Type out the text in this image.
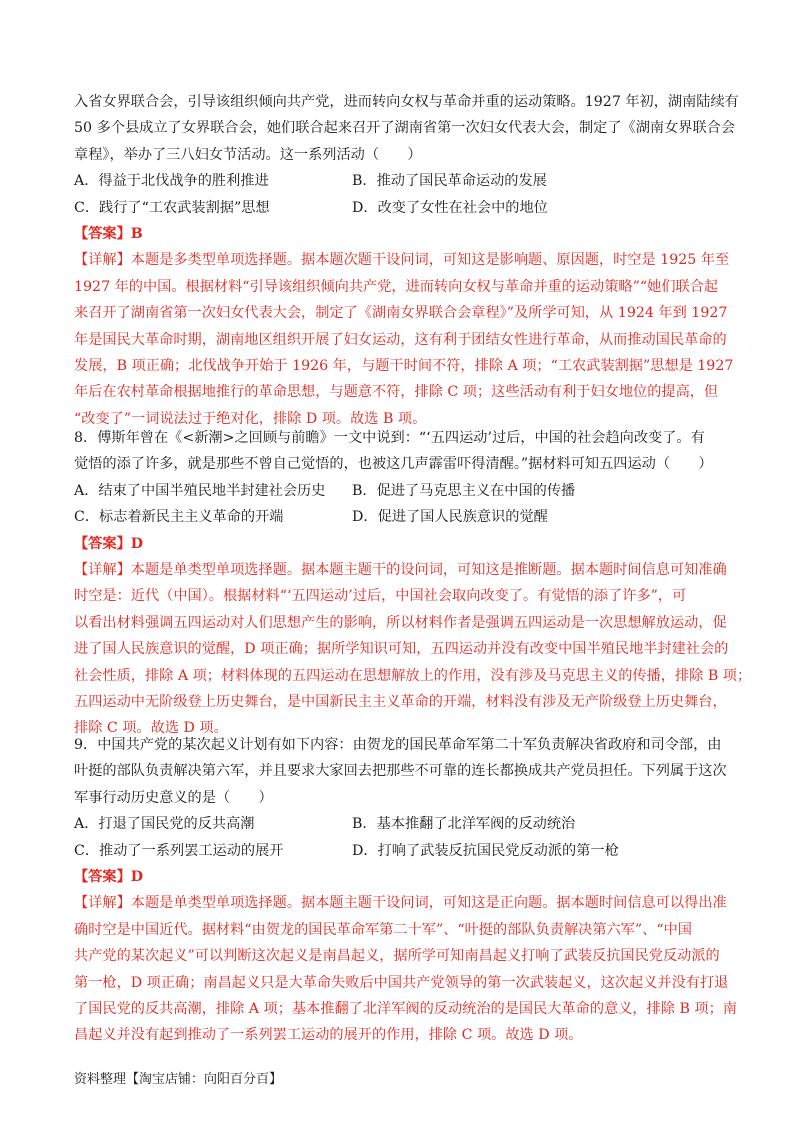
入省女界联合会，引导该组织倾向共产党，进而转向女权与革命并重的运动策略。1927 年初，湖南陆续有

50 多个县成立了女界联合会，她们联合起来召开了湖南省第一次妇女代表大会，制定了《湖南女界联合会

章程》，举办了三八妇女节活动。这一系列活动（　　）

A．得益于北伐战争的胜利推进	B．推动了国民革命运动的发展
C．践行了“工农武装割据”思想	D．改变了女性在社会中的地位

【答案】B

【详解】本题是多类型单项选择题。据本题次题干设问词，可知这是影响题、原因题，时空是 1925 年至

1927 年的中国。根据材料“引导该组织倾向共产党，进而转向女权与革命并重的运动策略”“她们联合起

来召开了湖南省第一次妇女代表大会，制定了《湖南女界联合会章程》”及所学可知，从 1924 年到 1927

年是国民大革命时期，湖南地区组织开展了妇女运动，这有利于团结女性进行革命，从而推动国民革命的

发展，B 项正确；北伐战争开始于 1926 年，与题干时间不符，排除 A 项；“工农武装割据”思想是 1927

年后在农村革命根据地推行的革命思想，与题意不符，排除 C 项；这些活动有利于妇女地位的提高，但

“改变了”一词说法过于绝对化，排除 D 项。故选 B 项。

8．傅斯年曾在《<新潮>之回顾与前瞻》一文中说到：“‘五四运动’过后，中国的社会趋向改变了。有

觉悟的添了许多，就是那些不曾自己觉悟的，也被这几声霹雷吓得清醒。”据材料可知五四运动（　　）

A．结束了中国半殖民地半封建社会历史	B．促进了马克思主义在中国的传播
C．标志着新民主主义革命的开端	D．促进了国人民族意识的觉醒

【答案】D

【详解】本题是单类型单项选择题。据本题主题干的设问词，可知这是推断题。据本题时间信息可知准确

时空是：近代（中国）。根据材料“‘五四运动’过后，中国社会取向改变了。有觉悟的添了许多”，可

以看出材料强调五四运动对人们思想产生的影响，所以材料作者是强调五四运动是一次思想解放运动，促

进了国人民族意识的觉醒，D 项正确；据所学知识可知，五四运动并没有改变中国半殖民地半封建社会的

社会性质，排除 A 项；材料体现的五四运动在思想解放上的作用，没有涉及马克思主义的传播，排除 B 项；

五四运动中无阶级登上历史舞台，是中国新民主主义革命的开端，材料没有涉及无产阶级登上历史舞台，

排除 C 项。故选 D 项。

9．中国共产党的某次起义计划有如下内容：由贺龙的国民革命军第二十军负责解决省政府和司令部，由

叶挺的部队负责解决第六军，并且要求大家回去把那些不可靠的连长都换成共产党员担任。下列属于这次

军事行动历史意义的是（　　）

A．打退了国民党的反共高潮	B．基本推翻了北洋军阀的反动统治
C．推动了一系列罢工运动的展开	D．打响了武装反抗国民党反动派的第一枪

【答案】D

【详解】本题是单类型单项选择题。据本题主题干设问词，可知这是正向题。据本题时间信息可以得出准

确时空是中国近代。据材料“由贺龙的国民革命军第二十军”、“叶挺的部队负责解决第六军”、“中国

共产党的某次起义”可以判断这次起义是南昌起义，据所学可知南昌起义打响了武装反抗国民党反动派的

第一枪，D 项正确；南昌起义只是大革命失败后中国共产党领导的第一次武装起义，这次起义并没有打退

了国民党的反共高潮，排除 A 项；基本推翻了北洋军阀的反动统治的是国民大革命的意义，排除 B 项；南

昌起义并没有起到推动了一系列罢工运动的展开的作用，排除 C 项。故选 D 项。

资料整理【淘宝店铺：向阳百分百】
